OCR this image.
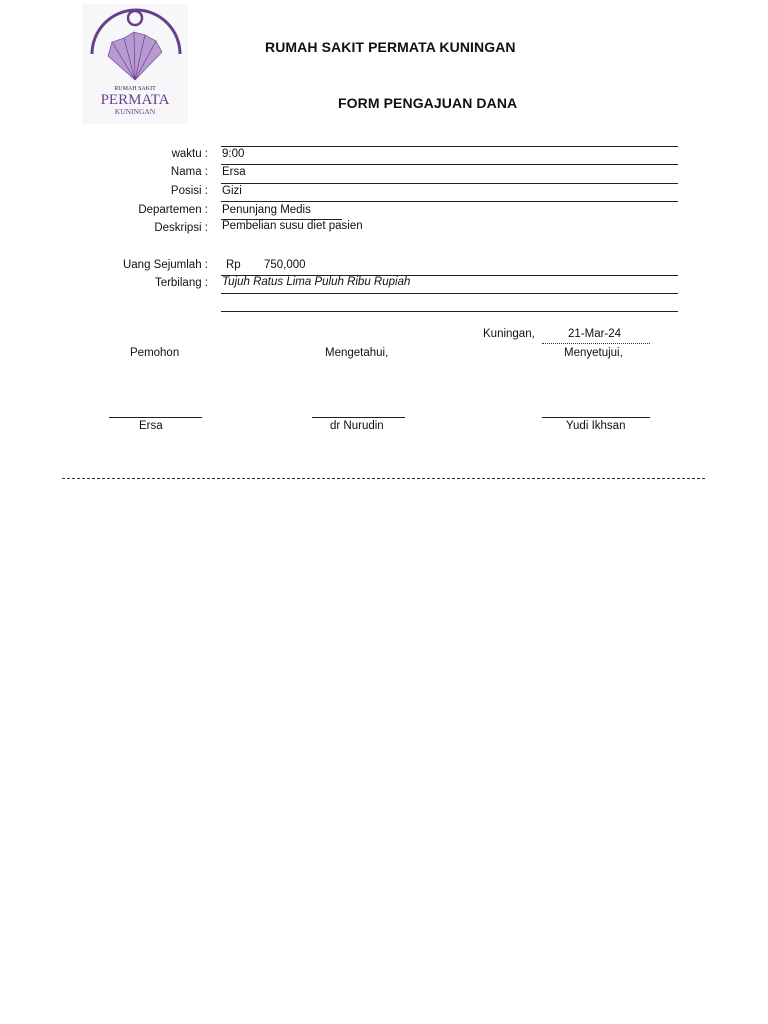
RUMAH SAKIT
PERMATA
KUNINGAN
RUMAH SAKIT PERMATA KUNINGAN
FORM PENGAJUAN DANA
waktu : 9:00
Nama : Ersa
Posisi : Gizi
Departemen : Penunjang Medis
Deskripsi : Pembelian susu diet pasien
Uang Sejumlah : Rp 750,000
Terbilang : Tujuh Ratus Lima Puluh Ribu Rupiah
Kuningan,	21-Mar-24
Pemohon	Mengetahui,	Menyetujui,
Ersa	dr Nurudin	Yudi Ikhsan
